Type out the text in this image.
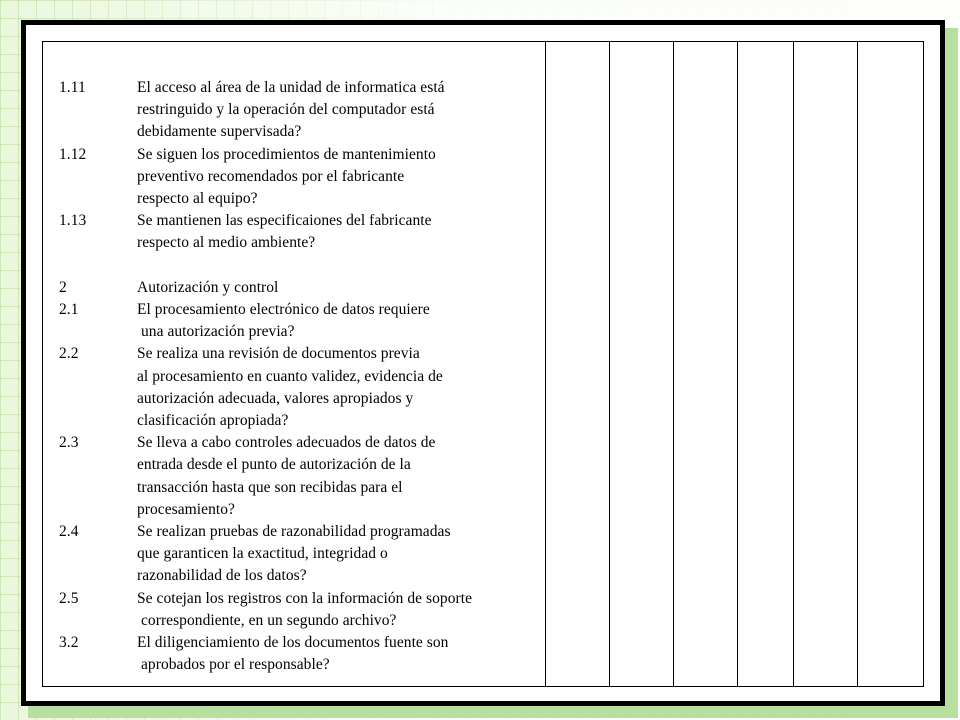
1.11	El acceso al área de la unidad de informatica está
restringuido y la operación del computador está
debidamente supervisada?
1.12	Se siguen los procedimientos de mantenimiento
preventivo recomendados por el fabricante
respecto al equipo?
1.13	Se mantienen las especificaiones del fabricante
respecto al medio ambiente?
2	Autorización y control
2.1	El procesamiento electrónico de datos requiere
una autorización previa?
2.2	Se realiza una revisión de documentos previa
al procesamiento en cuanto validez, evidencia de
autorización adecuada, valores apropiados y
clasificación apropiada?
2.3	Se lleva a cabo controles adecuados de datos de
entrada desde el punto de autorización de la
transacción hasta que son recibidas para el
procesamiento?
2.4	Se realizan pruebas de razonabilidad programadas
que garanticen la exactitud, integridad o
razonabilidad de los datos?
2.5	Se cotejan los registros con la información de soporte
correspondiente, en un segundo archivo?
3.2	El diligenciamiento de los documentos fuente son
aprobados por el responsable?
